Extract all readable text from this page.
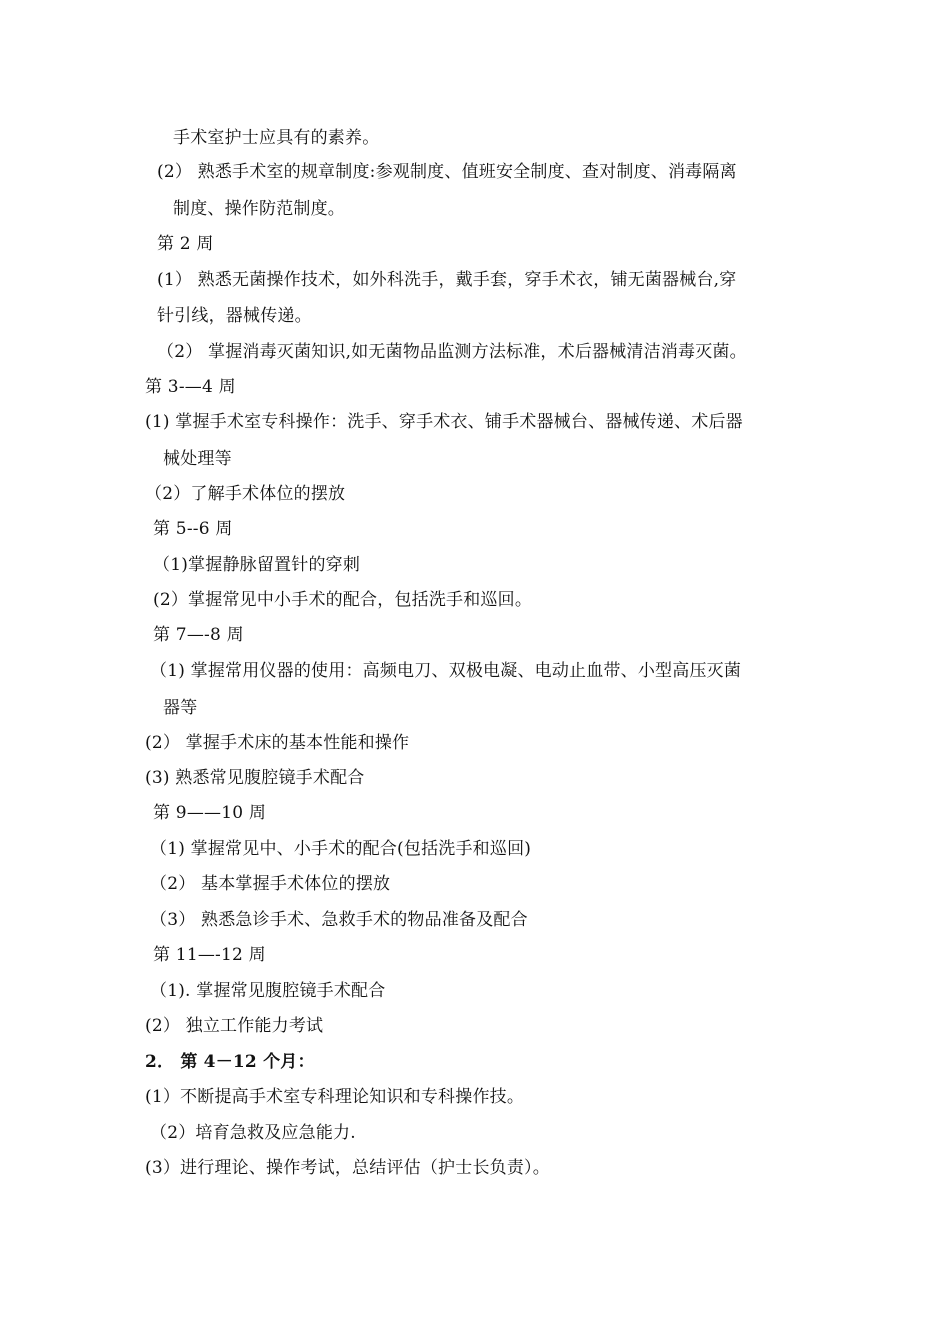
手术室护士应具有的素养。
(2） 熟悉手术室的规章制度:参观制度、值班安全制度、查对制度、消毒隔离
制度、操作防范制度。
第 2 周
(1） 熟悉无菌操作技术，如外科洗手，戴手套，穿手术衣，铺无菌器械台,穿
针引线，器械传递。
（2） 掌握消毒灭菌知识,如无菌物品监测方法标准，术后器械清洁消毒灭菌。
第 3-—4 周
(1) 掌握手术室专科操作：洗手、穿手术衣、铺手术器械台、器械传递、术后器
械处理等
（2）了解手术体位的摆放
第 5--6 周
（1)掌握静脉留置针的穿刺
(2）掌握常见中小手术的配合，包括洗手和巡回。
第 7—-8 周
（1) 掌握常用仪器的使用：高频电刀、双极电凝、电动止血带、小型高压灭菌
器等
(2） 掌握手术床的基本性能和操作
(3) 熟悉常见腹腔镜手术配合
第 9——10 周
（1) 掌握常见中、小手术的配合(包括洗手和巡回)
（2） 基本掌握手术体位的摆放
（3） 熟悉急诊手术、急救手术的物品准备及配合
第 11—-12 周
（1). 掌握常见腹腔镜手术配合
(2） 独立工作能力考试
2． 第 4－12 个月：
(1）不断提高手术室专科理论知识和专科操作技。
（2）培育急救及应急能力.
(3）进行理论、操作考试，总结评估（护士长负责）。
